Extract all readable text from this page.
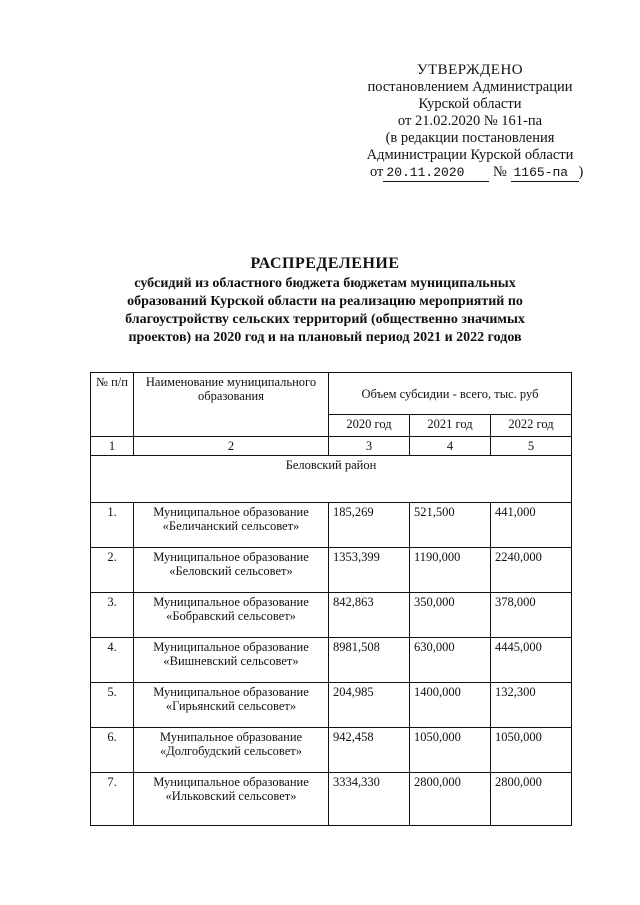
УТВЕРЖДЕНО
постановлением Администрации
Курской области
от 21.02.2020 № 161-па
(в редакции постановления
Администрации Курской области
от 20.11.2020 № 1165-па )
РАСПРЕДЕЛЕНИЕ
субсидий из областного бюджета бюджетам муниципальных
образований Курской области на реализацию мероприятий по
благоустройству сельских территорий (общественно значимых
проектов) на 2020 год и на плановый период 2021 и 2022 годов
№ п/п	Наименование муниципального образования	Объем субсидии - всего, тыс. руб		
		2020 год	2021 год	2022 год
1	2	3	4	5
Беловский район				
1.	Муниципальное образование
«Беличанский сельсовет»	185,269	521,500	441,000
2.	Муниципальное образование
«Беловский сельсовет»	1353,399	1190,000	2240,000
3.	Муниципальное образование
«Бобравский сельсовет»	842,863	350,000	378,000
4.	Муниципальное образование
«Вишневский сельсовет»	8981,508	630,000	4445,000
5.	Муниципальное образование
«Гирьянский сельсовет»	204,985	1400,000	132,300
6.	Мунипальное образование
«Долгобудский сельсовет»	942,458	1050,000	1050,000
7.	Муниципальное образование
«Ильковский сельсовет»	3334,330	2800,000	2800,000
